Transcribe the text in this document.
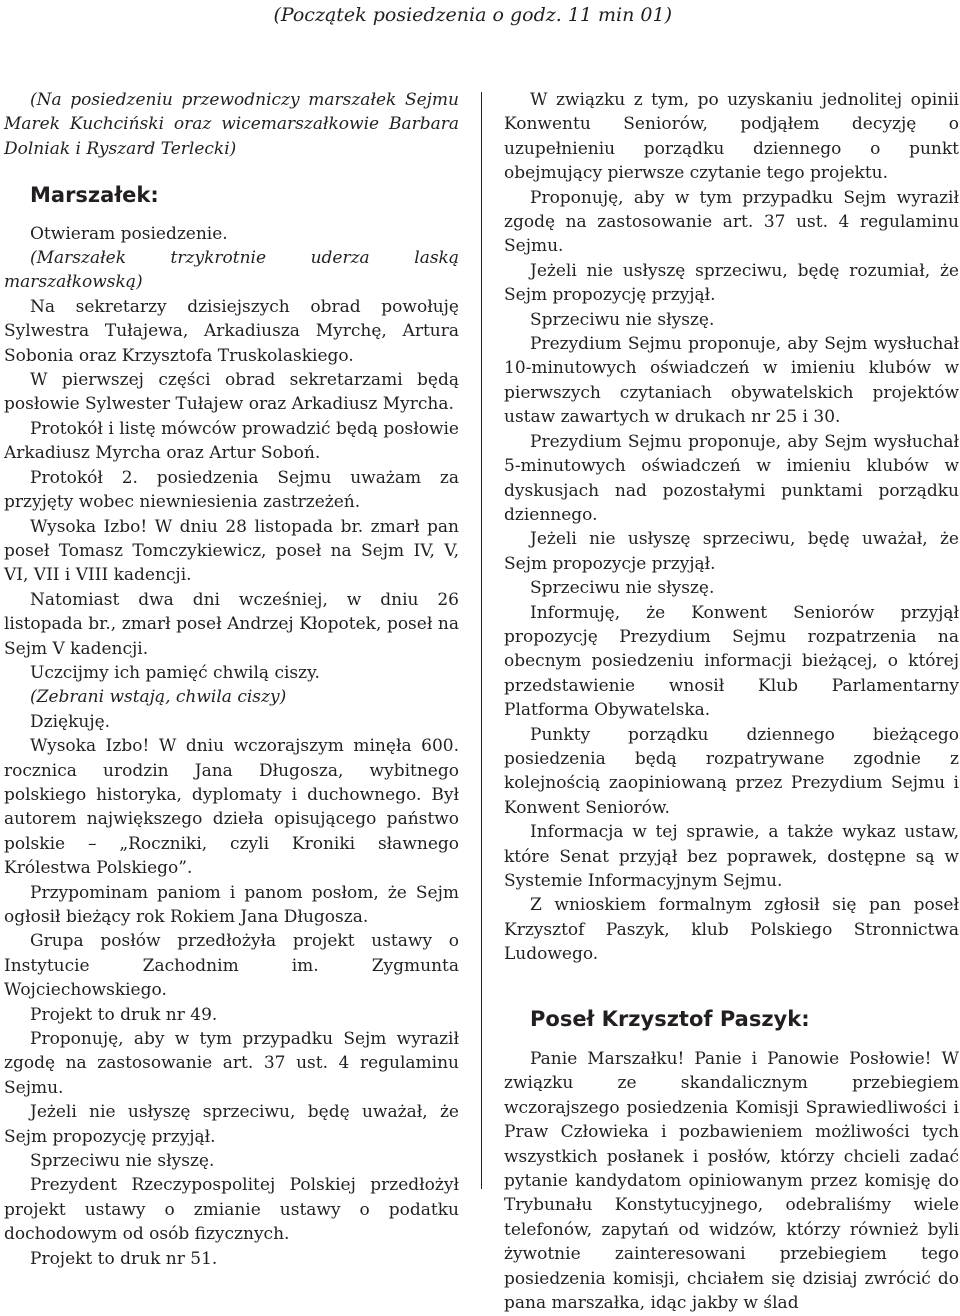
(Początek posiedzenia o godz. 11 min 01)

(Na posiedzeniu przewodniczy marszałek Sejmu Marek Kuchciński oraz wicemarszałkowie Barbara Dolniak i Ryszard Terlecki)

Marszałek:

Otwieram posiedzenie.

(Marszałek trzykrotnie uderza laską marszałkowską)

Na sekretarzy dzisiejszych obrad powołuję Sylwestra Tułajewa, Arkadiusza Myrchę, Artura Sobonia oraz Krzysztofa Truskolaskiego.

W pierwszej części obrad sekretarzami będą posłowie Sylwester Tułajew oraz Arkadiusz Myrcha.

Protokół i listę mówców prowadzić będą posłowie Arkadiusz Myrcha oraz Artur Soboń.

Protokół 2. posiedzenia Sejmu uważam za przyjęty wobec niewniesienia zastrzeżeń.

Wysoka Izbo! W dniu 28 listopada br. zmarł pan poseł Tomasz Tomczykiewicz, poseł na Sejm IV, V, VI, VII i VIII kadencji.

Natomiast dwa dni wcześniej, w dniu 26 listopada br., zmarł poseł Andrzej Kłopotek, poseł na Sejm V kadencji.

Uczcijmy ich pamięć chwilą ciszy.

(Zebrani wstają, chwila ciszy)

Dziękuję.

Wysoka Izbo! W dniu wczorajszym minęła 600. rocznica urodzin Jana Długosza, wybitnego polskiego historyka, dyplomaty i duchownego. Był autorem największego dzieła opisującego państwo polskie – „Roczniki, czyli Kroniki sławnego Królestwa Polskiego”.

Przypominam paniom i panom posłom, że Sejm ogłosił bieżący rok Rokiem Jana Długosza.

Grupa posłów przedłożyła projekt ustawy o Instytucie Zachodnim im. Zygmunta Wojciechowskiego.

Projekt to druk nr 49.

Proponuję, aby w tym przypadku Sejm wyraził zgodę na zastosowanie art. 37 ust. 4 regulaminu Sejmu.

Jeżeli nie usłyszę sprzeciwu, będę uważał, że Sejm propozycję przyjął.

Sprzeciwu nie słyszę.

Prezydent Rzeczypospolitej Polskiej przedłożył projekt ustawy o zmianie ustawy o podatku dochodowym od osób fizycznych.

Projekt to druk nr 51.

W związku z tym, po uzyskaniu jednolitej opinii Konwentu Seniorów, podjąłem decyzję o uzupełnieniu porządku dziennego o punkt obejmujący pierwsze czytanie tego projektu.

Proponuję, aby w tym przypadku Sejm wyraził zgodę na zastosowanie art. 37 ust. 4 regulaminu Sejmu.

Jeżeli nie usłyszę sprzeciwu, będę rozumiał, że Sejm propozycję przyjął.

Sprzeciwu nie słyszę.

Prezydium Sejmu proponuje, aby Sejm wysłuchał 10-minutowych oświadczeń w imieniu klubów w pierwszych czytaniach obywatelskich projektów ustaw zawartych w drukach nr 25 i 30.

Prezydium Sejmu proponuje, aby Sejm wysłuchał 5-minutowych oświadczeń w imieniu klubów w dyskusjach nad pozostałymi punktami porządku dziennego.

Jeżeli nie usłyszę sprzeciwu, będę uważał, że Sejm propozycje przyjął.

Sprzeciwu nie słyszę.

Informuję, że Konwent Seniorów przyjął propozycję Prezydium Sejmu rozpatrzenia na obecnym posiedzeniu informacji bieżącej, o której przedstawienie wnosił Klub Parlamentarny Platforma Obywatelska.

Punkty porządku dziennego bieżącego posiedzenia będą rozpatrywane zgodnie z kolejnością zaopiniowaną przez Prezydium Sejmu i Konwent Seniorów.

Informacja w tej sprawie, a także wykaz ustaw, które Senat przyjął bez poprawek, dostępne są w Systemie Informacyjnym Sejmu.

Z wnioskiem formalnym zgłosił się pan poseł Krzysztof Paszyk, klub Polskiego Stronnictwa Ludowego.

Poseł Krzysztof Paszyk:

Panie Marszałku! Panie i Panowie Posłowie! W związku ze skandalicznym przebiegiem wczorajszego posiedzenia Komisji Sprawiedliwości i Praw Człowieka i pozbawieniem możliwości tych wszystkich posłanek i posłów, którzy chcieli zadać pytanie kandydatom opiniowanym przez komisję do Trybunału Konstytucyjnego, odebraliśmy wiele telefonów, zapytań od widzów, którzy również byli żywotnie zainteresowani przebiegiem tego posiedzenia komisji, chciałem się dzisiaj zwrócić do pana marszałka, idąc jakby w ślad
